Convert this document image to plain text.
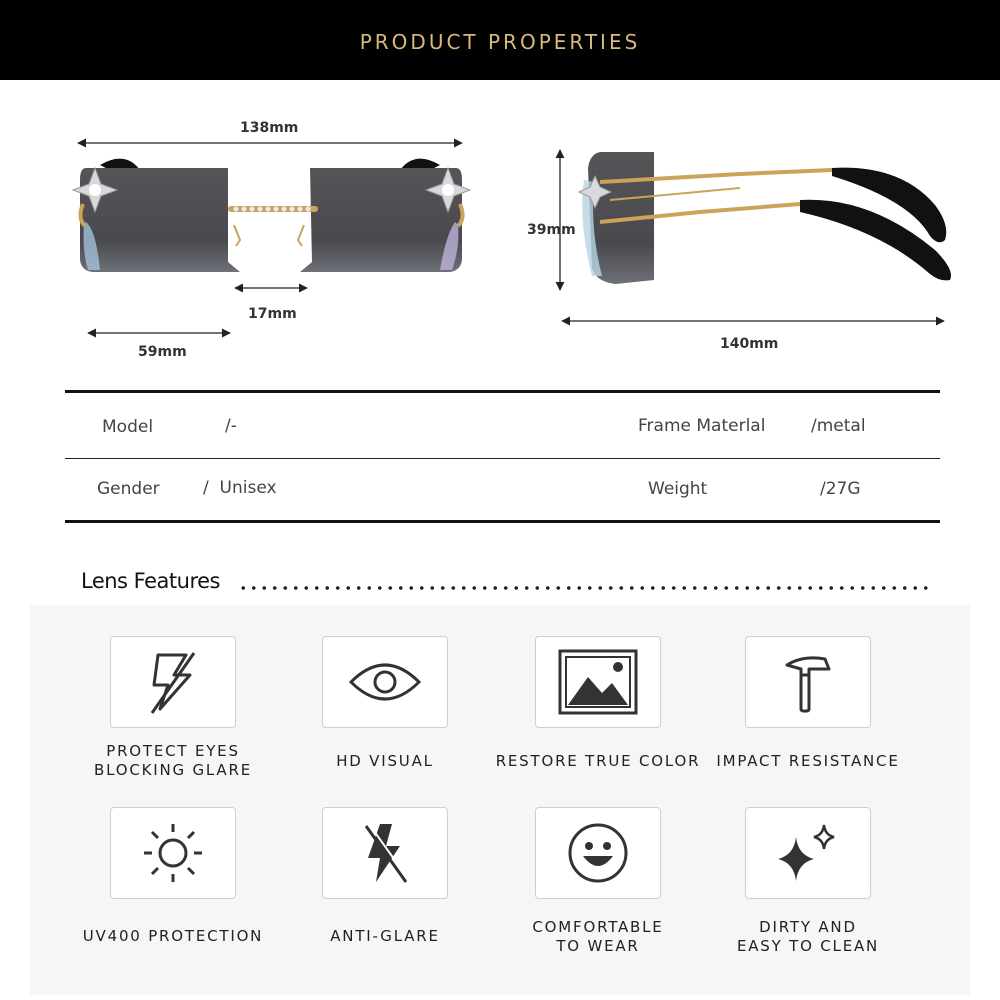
PRODUCT PROPERTIES
138mm
17mm
59mm
39mm
140mm
Model	/-	Frame Materlal	/metal
Gender	/  Unisex	Weight	/27G
Lens Features
PROTECT EYES
BLOCKING GLARE	HD VISUAL	RESTORE TRUE COLOR	IMPACT RESISTANCE
UV400 PROTECTION	ANTI-GLARE	COMFORTABLE
TO WEAR
DIRTY AND
EASY TO CLEAN
